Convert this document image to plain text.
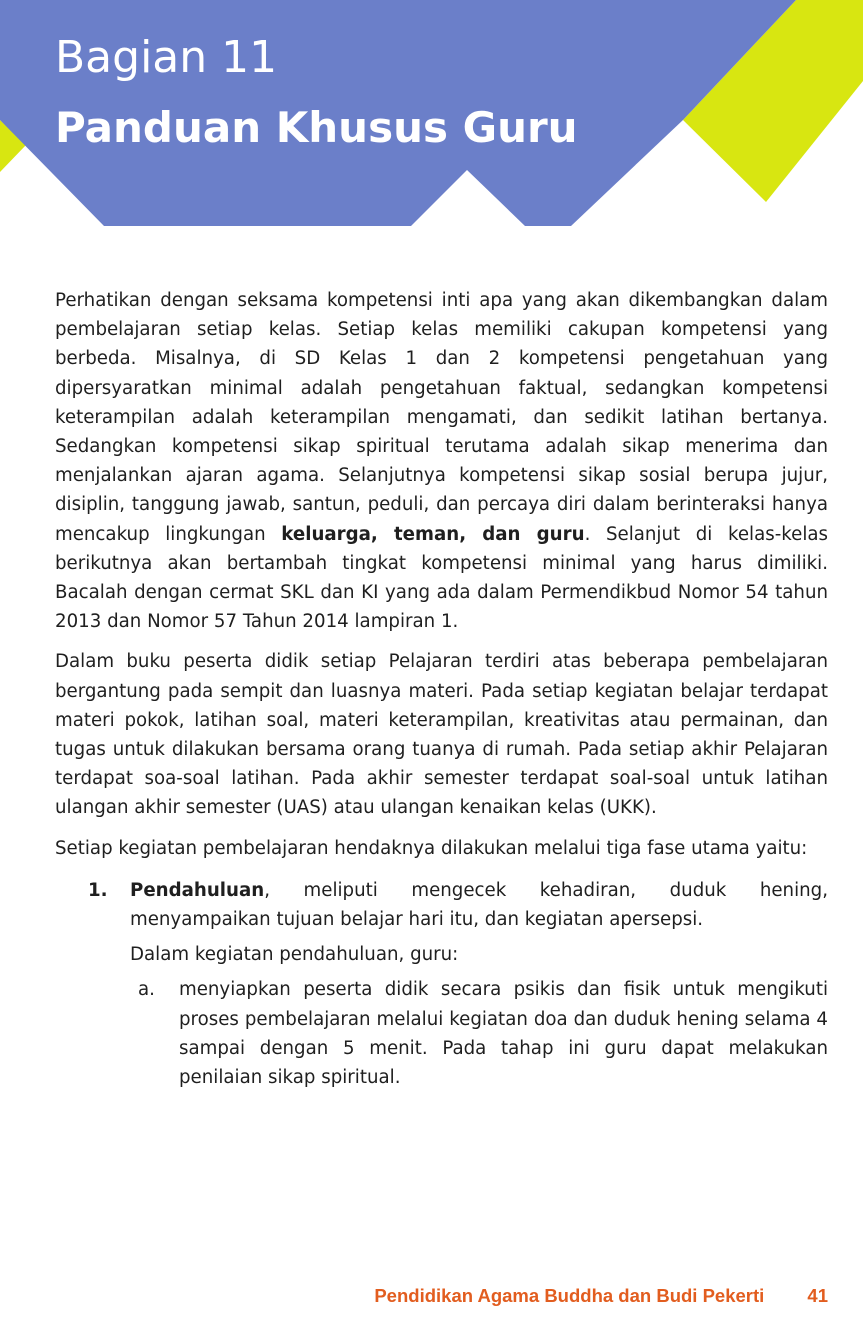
Bagian 11
Panduan Khusus Guru

Perhatikan dengan seksama kompetensi inti apa yang akan dikembangkan dalam pembelajaran setiap kelas. Setiap kelas memiliki cakupan kompetensi yang berbeda. Misalnya, di SD Kelas 1 dan 2 kompetensi pengetahuan yang dipersyaratkan minimal adalah pengetahuan faktual, sedangkan kompetensi keterampilan adalah keterampilan mengamati, dan sedikit latihan bertanya. Sedangkan kompetensi sikap spiritual terutama adalah sikap menerima dan menjalankan ajaran agama. Selanjutnya kompetensi sikap sosial berupa jujur, disiplin, tanggung jawab, santun, peduli, dan percaya diri dalam berinteraksi hanya mencakup lingkungan keluarga, teman, dan guru. Selanjut di kelas-kelas berikutnya akan bertambah tingkat kompetensi minimal yang harus dimiliki. Bacalah dengan cermat SKL dan KI yang ada dalam Permendikbud Nomor 54 tahun 2013 dan Nomor 57 Tahun 2014 lampiran 1.

Dalam buku peserta didik setiap Pelajaran terdiri atas beberapa pembelajaran bergantung pada sempit dan luasnya materi. Pada setiap kegiatan belajar terdapat materi pokok, latihan soal, materi keterampilan, kreativitas atau permainan, dan tugas untuk dilakukan bersama orang tuanya di rumah. Pada setiap akhir Pelajaran terdapat soa-soal latihan. Pada akhir semester terdapat soal-soal untuk latihan ulangan akhir semester (UAS) atau ulangan kenaikan kelas (UKK).

Setiap kegiatan pembelajaran hendaknya dilakukan melalui tiga fase utama yaitu:

1. Pendahuluan, meliputi mengecek kehadiran, duduk hening, menyampaikan tujuan belajar hari itu, dan kegiatan apersepsi.
Dalam kegiatan pendahuluan, guru:
a. menyiapkan peserta didik secara psikis dan fisik untuk mengikuti proses pembelajaran melalui kegiatan doa dan duduk hening selama 4 sampai dengan 5 menit. Pada tahap ini guru dapat melakukan penilaian sikap spiritual.
Pendidikan Agama Buddha dan Budi Pekerti 41
